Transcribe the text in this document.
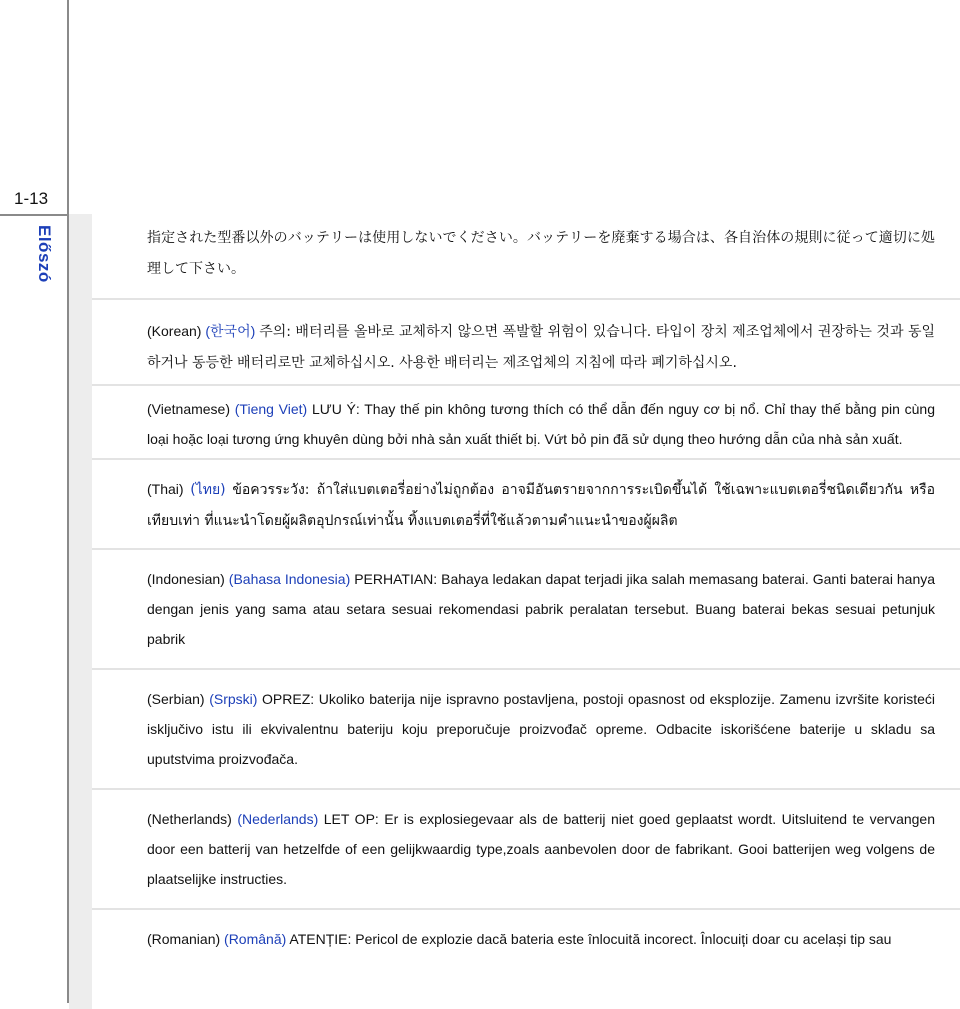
1-13
Előszó	指定された型番以外のバッテリーは使用しないでください。バッテリーを廃棄する場合は、各自治体の規則に従って適切に処理して下さい。
(Korean) (한국어) 주의: 배터리를 올바로 교체하지 않으면 폭발할 위험이 있습니다. 타입이 장치 제조업체에서 권장하는 것과 동일하거나 동등한 배터리로만 교체하십시오. 사용한 배터리는 제조업체의 지침에 따라 폐기하십시오.
(Vietnamese) (Tieng Viet) LƯU Ý: Thay thế pin không tương thích có thể dẫn đến nguy cơ bị nổ. Chỉ thay thế bằng pin cùng loại hoặc loại tương ứng khuyên dùng bởi nhà sản xuất thiết bị. Vứt bỏ pin đã sử dụng theo hướng dẫn của nhà sản xuất.
(Thai) (ไทย) ข้อควรระวัง: ถ้าใส่แบตเตอรี่อย่างไม่ถูกต้อง อาจมีอันตรายจากการระเบิดขึ้นได้ ใช้เฉพาะแบตเตอรี่ชนิดเดียวกัน หรือเทียบเท่า ที่แนะนำโดยผู้ผลิตอุปกรณ์เท่านั้น ทิ้งแบตเตอรี่ที่ใช้แล้วตามคำแนะนำของผู้ผลิต
(Indonesian) (Bahasa Indonesia) PERHATIAN: Bahaya ledakan dapat terjadi jika salah memasang baterai. Ganti baterai hanya dengan jenis yang sama atau setara sesuai rekomendasi pabrik peralatan tersebut. Buang baterai bekas sesuai petunjuk pabrik
(Serbian) (Srpski) OPREZ: Ukoliko baterija nije ispravno postavljena, postoji opasnost od eksplozije. Zamenu izvršite koristeći isključivo istu ili ekvivalentnu bateriju koju preporučuje proizvođač opreme. Odbacite iskorišćene baterije u skladu sa uputstvima proizvođača.
(Netherlands) (Nederlands) LET OP: Er is explosiegevaar als de batterij niet goed geplaatst wordt. Uitsluitend te vervangen door een batterij van hetzelfde of een gelijkwaardig type,zoals aanbevolen door de fabrikant. Gooi batterijen weg volgens de plaatselijke instructies.
(Romanian) (Română) ATENȚIE: Pericol de explozie dacă bateria este înlocuită incorect. Înlocuiți doar cu același tip sau
